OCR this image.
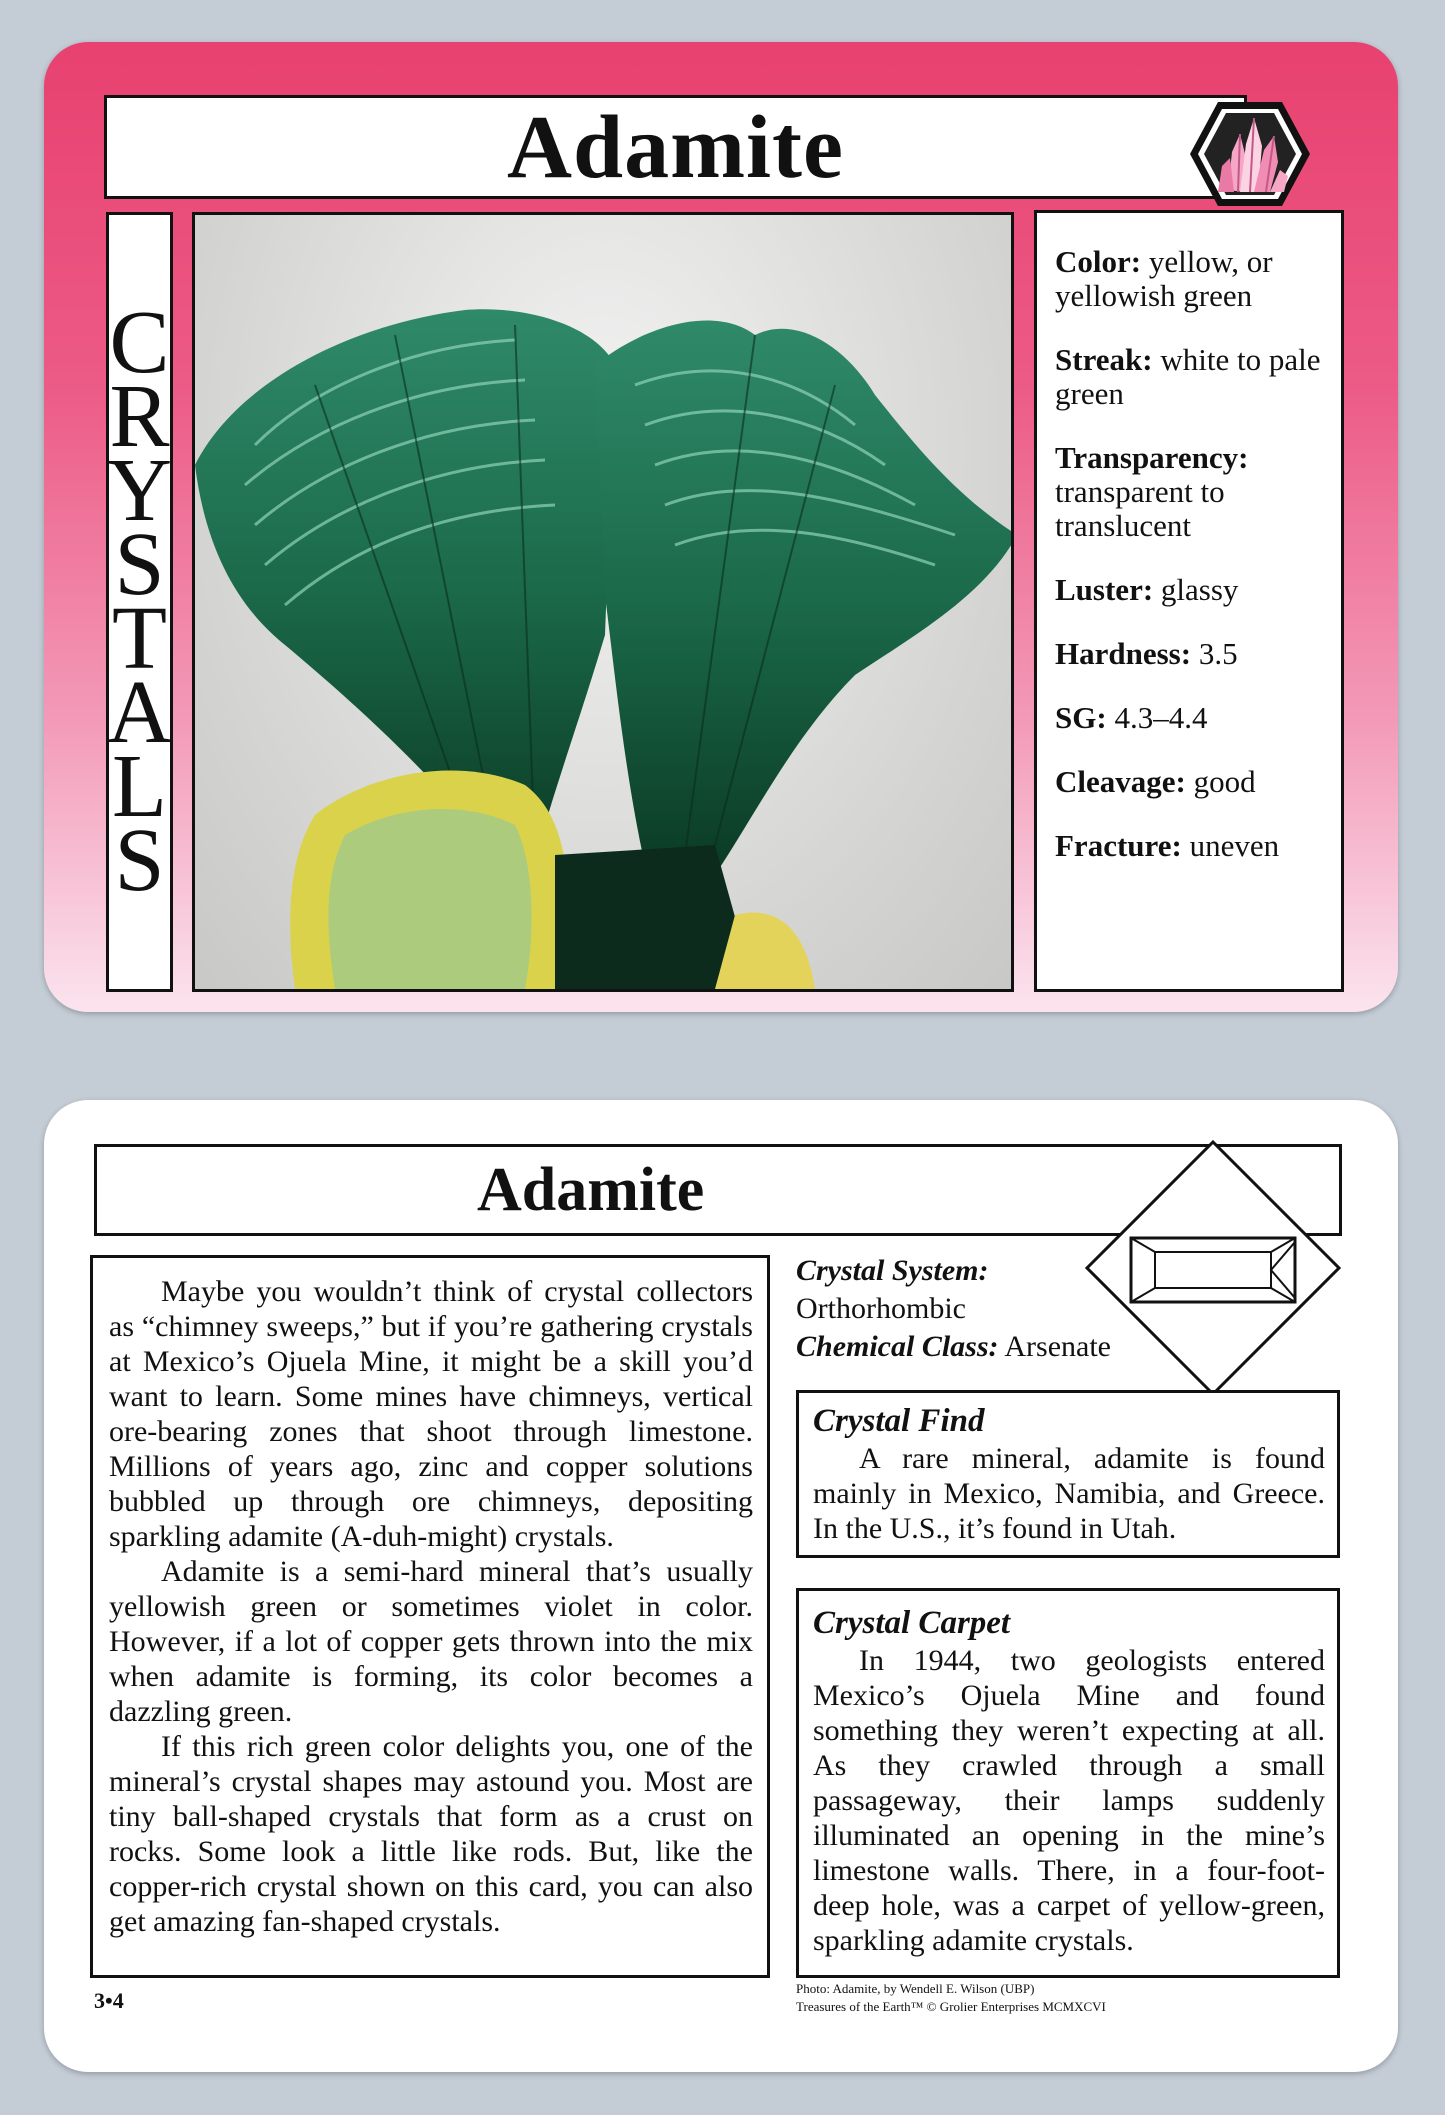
Adamite
C
R
Y
S
T
A
L
S
Color: yellow, or yellowish green
Streak: white to pale green
Transparency: transparent to translucent
Luster: glassy
Hardness: 3.5
SG: 4.3–4.4
Cleavage: good
Fracture: uneven
Adamite

Maybe you wouldn’t think of crystal collectors as “chimney sweeps,” but if you’re gathering crystals at Mexico’s Ojuela Mine, it might be a skill you’d want to learn. Some mines have chimneys, vertical ore-bearing zones that shoot through limestone. Millions of years ago, zinc and copper solutions bubbled up through ore chimneys, depositing sparkling adamite (A-duh-might) crystals.

Adamite is a semi-hard mineral that’s usually yellowish green or sometimes violet in color. However, if a lot of copper gets thrown into the mix when adamite is forming, its color becomes a dazzling green.

If this rich green color delights you, one of the mineral’s crystal shapes may astound you. Most are tiny ball-shaped crystals that form as a crust on rocks. Some look a little like rods. But, like the copper-rich crystal shown on this card, you can also get amazing fan-shaped crystals.

Crystal System:
Orthorhombic
Chemical Class: Arsenate
Crystal Find
A rare mineral, adamite is found mainly in Mexico, Namibia, and Greece. In the U.S., it’s found in Utah.
Crystal Carpet
In 1944, two geologists entered Mexico’s Ojuela Mine and found something they weren’t expecting at all. As they crawled through a small passageway, their lamps suddenly illuminated an opening in the mine’s limestone walls. There, in a four-foot-deep hole, was a carpet of yellow-green, sparkling adamite crystals.
3•4	Photo: Adamite, by Wendell E. Wilson (UBP)
Treasures of the Earth™ © Grolier Enterprises MCMXCVI
